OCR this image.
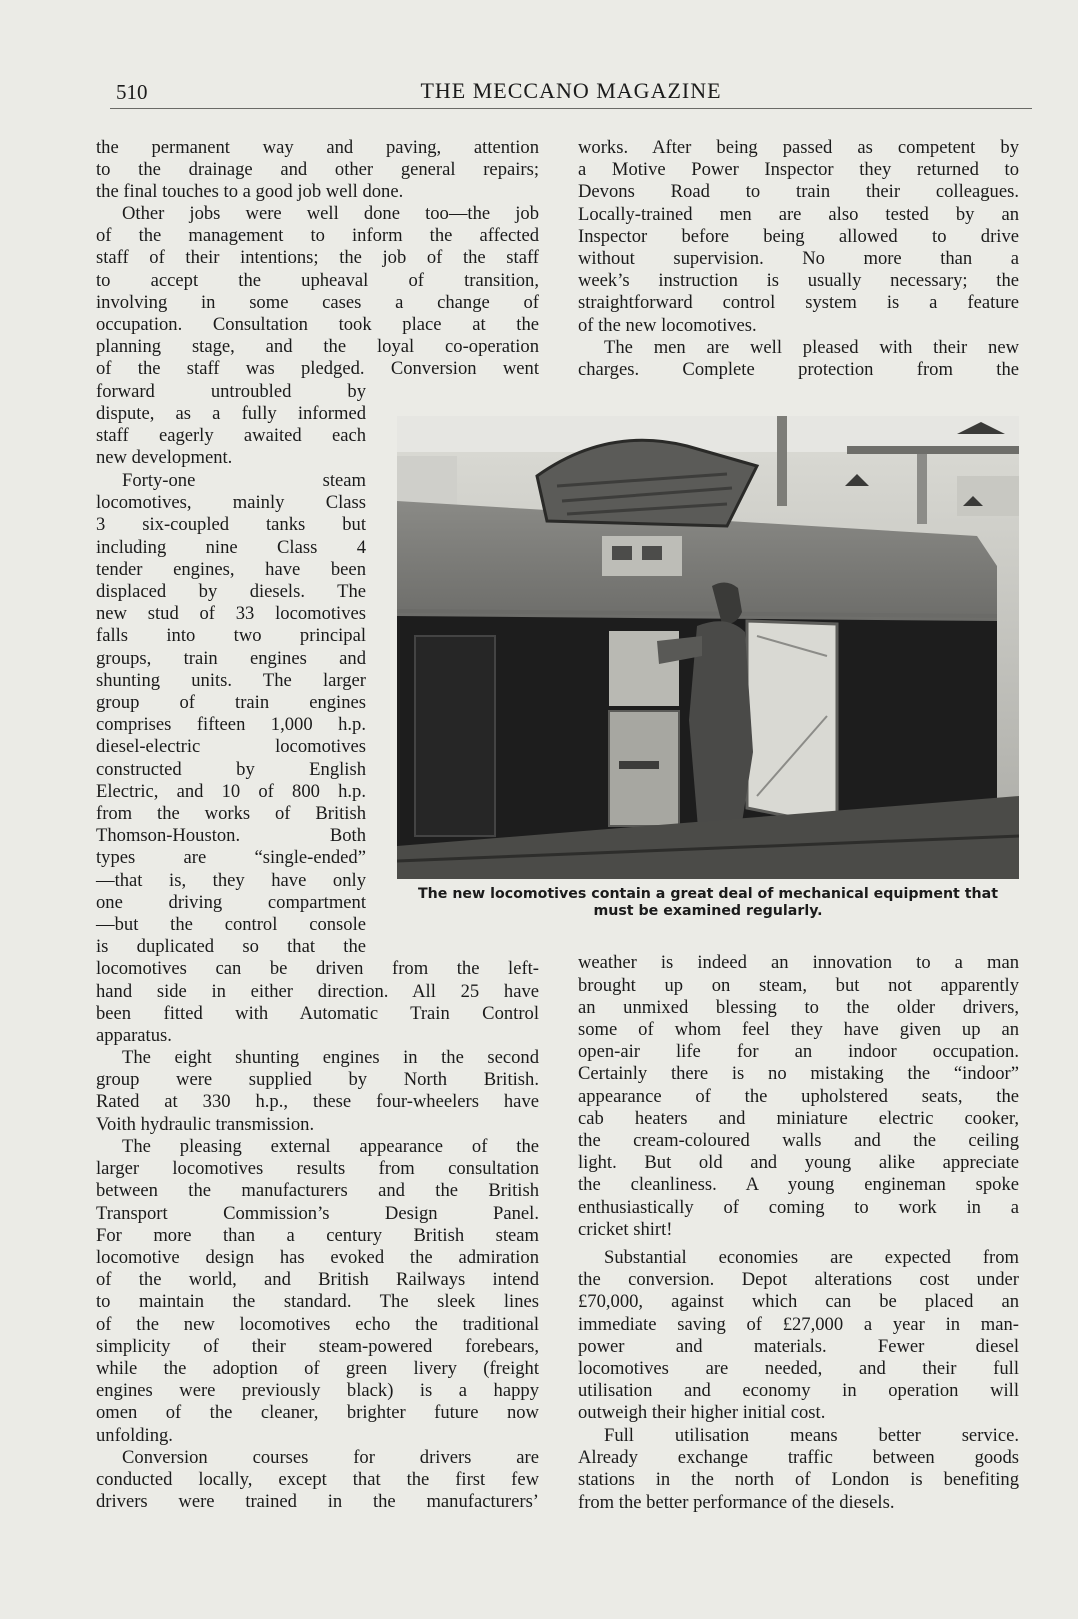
510	THE MECCANO MAGAZINE

the permanent way and paving, attention
to the drainage and other general repairs;
the final touches to a good job well done.

Other jobs were well done too—the job
of the management to inform the affected
staff of their intentions; the job of the staff
to accept the upheaval of transition,
involving in some cases a change of
occupation. Consultation took place at the
planning stage, and the loyal co-operation
of the staff was pledged. Conversion went
forward untroubled by
dispute, as a fully informed
staff eagerly awaited each
new development.

Forty-one steam
locomotives, mainly Class
3 six-coupled tanks but
including nine Class 4
tender engines, have been
displaced by diesels. The
new stud of 33 locomotives
falls into two principal
groups, train engines and
shunting units. The larger
group of train engines
comprises fifteen 1,000 h.p.
diesel-electric locomotives
constructed by English
Electric, and 10 of 800 h.p.
from the works of British
Thomson-Houston. Both
types are “single-ended”
—that is, they have only
one driving compartment
—but the control console
is duplicated so that the
locomotives can be driven from the left-
hand side in either direction. All 25 have
been fitted with Automatic Train Control
apparatus.

The eight shunting engines in the second
group were supplied by North British.
Rated at 330 h.p., these four-wheelers have
Voith hydraulic transmission.

The pleasing external appearance of the
larger locomotives results from consultation
between the manufacturers and the British
Transport Commission’s Design Panel.
For more than a century British steam
locomotive design has evoked the admiration
of the world, and British Railways intend
to maintain the standard. The sleek lines
of the new locomotives echo the traditional
simplicity of their steam-powered forebears,
while the adoption of green livery (freight
engines were previously black) is a happy
omen of the cleaner, brighter future now
unfolding.

Conversion courses for drivers are
conducted locally, except that the first few
drivers were trained in the manufacturers’

works. After being passed as competent by
a Motive Power Inspector they returned to
Devons Road to train their colleagues.
Locally-trained men are also tested by an
Inspector before being allowed to drive
without supervision. No more than a
week’s instruction is usually necessary; the
straightforward control system is a feature
of the new locomotives.

The men are well pleased with their new
charges. Complete protection from the
weather is indeed an innovation to a man
brought up on steam, but not apparently
an unmixed blessing to the older drivers,
some of whom feel they have given up an
open-air life for an indoor occupation.
Certainly there is no mistaking the “indoor”
appearance of the upholstered seats, the
cab heaters and miniature electric cooker,
the cream-coloured walls and the ceiling
light. But old and young alike appreciate
the cleanliness. A young engineman spoke
enthusiastically of coming to work in a
cricket shirt!

Substantial economies are expected from
the conversion. Depot alterations cost under
£70,000, against which can be placed an
immediate saving of £27,000 a year in man-
power and materials. Fewer diesel
locomotives are needed, and their full
utilisation and economy in operation will
outweigh their higher initial cost.

Full utilisation means better service.
Already exchange traffic between goods
stations in the north of London is benefiting
from the better performance of the diesels.

The new locomotives contain a great deal of mechanical equipment that
must be examined regularly.
